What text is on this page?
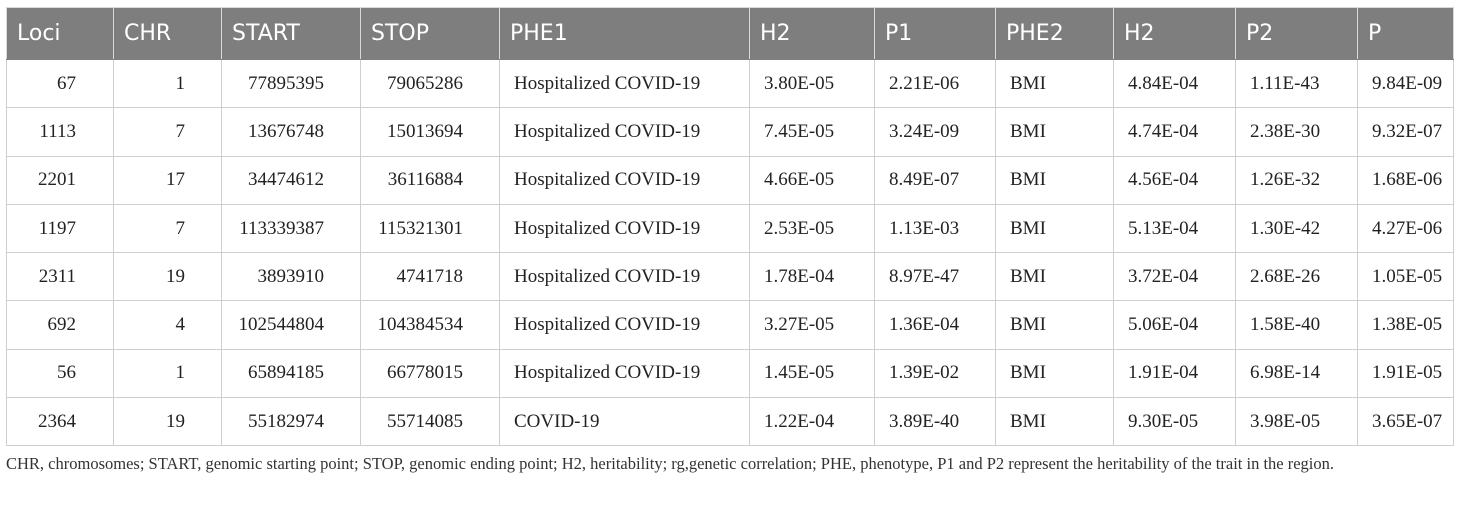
Loci	CHR	START	STOP	PHE1	H2	P1	PHE2	H2	P2	P
67	1	77895395	79065286	Hospitalized COVID-19	3.80E-05	2.21E-06	BMI	4.84E-04	1.11E-43	9.84E-09
1113	7	13676748	15013694	Hospitalized COVID-19	7.45E-05	3.24E-09	BMI	4.74E-04	2.38E-30	9.32E-07
2201	17	34474612	36116884	Hospitalized COVID-19	4.66E-05	8.49E-07	BMI	4.56E-04	1.26E-32	1.68E-06
1197	7	113339387	115321301	Hospitalized COVID-19	2.53E-05	1.13E-03	BMI	5.13E-04	1.30E-42	4.27E-06
2311	19	3893910	4741718	Hospitalized COVID-19	1.78E-04	8.97E-47	BMI	3.72E-04	2.68E-26	1.05E-05
692	4	102544804	104384534	Hospitalized COVID-19	3.27E-05	1.36E-04	BMI	5.06E-04	1.58E-40	1.38E-05
56	1	65894185	66778015	Hospitalized COVID-19	1.45E-05	1.39E-02	BMI	1.91E-04	6.98E-14	1.91E-05
2364	19	55182974	55714085	COVID-19	1.22E-04	3.89E-40	BMI	9.30E-05	3.98E-05	3.65E-07

CHR, chromosomes; START, genomic starting point; STOP, genomic ending point; H2, heritability; rg,genetic correlation; PHE, phenotype, P1 and P2 represent the heritability of the trait in the region.
